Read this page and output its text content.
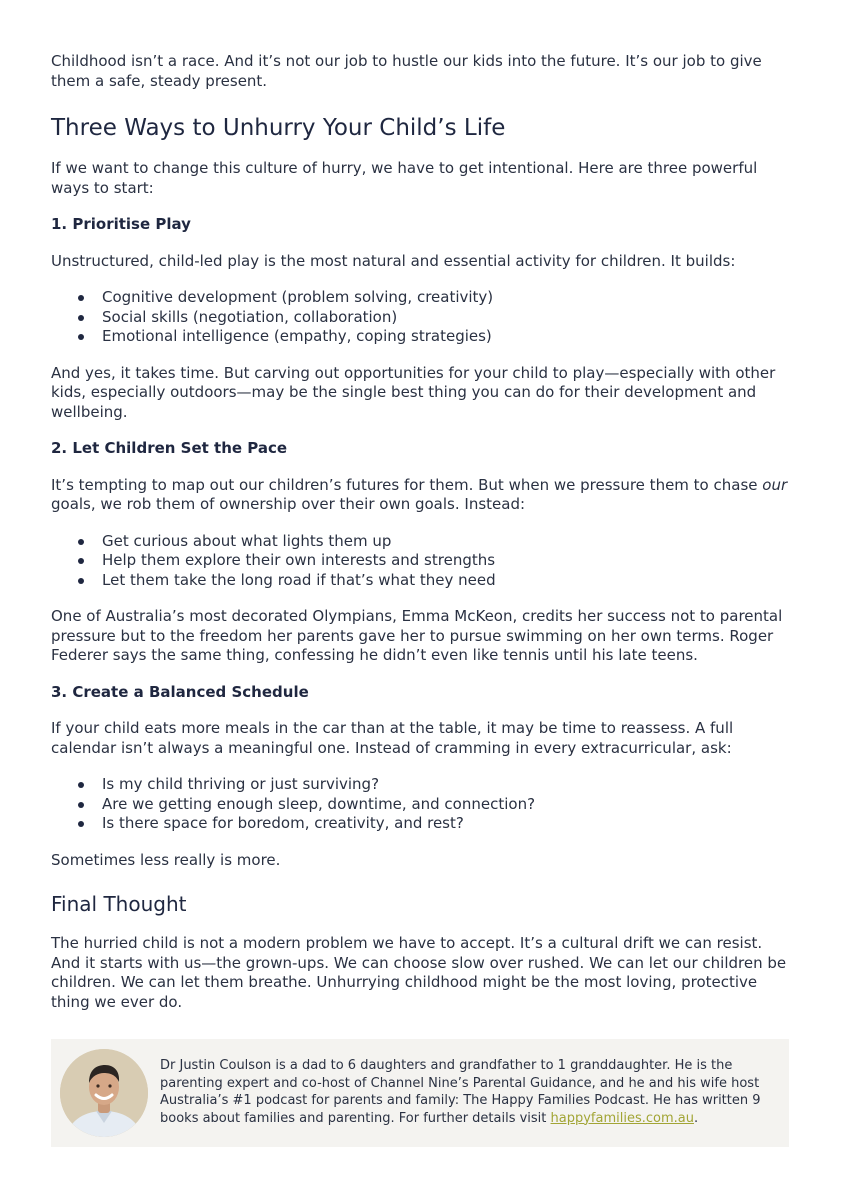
Childhood isn’t a race. And it’s not our job to hustle our kids into the future. It’s our job to give them a safe, steady present.

Three Ways to Unhurry Your Child’s Life

If we want to change this culture of hurry, we have to get intentional. Here are three powerful ways to start:

1. Prioritise Play

Unstructured, child-led play is the most natural and essential activity for children. It builds:

Cognitive development (problem solving, creativity)
Social skills (negotiation, collaboration)
Emotional intelligence (empathy, coping strategies)

And yes, it takes time. But carving out opportunities for your child to play—especially with other kids, especially outdoors—may be the single best thing you can do for their development and wellbeing.

2. Let Children Set the Pace

It’s tempting to map out our children’s futures for them. But when we pressure them to chase our goals, we rob them of ownership over their own goals. Instead:

Get curious about what lights them up
Help them explore their own interests and strengths
Let them take the long road if that’s what they need

One of Australia’s most decorated Olympians, Emma McKeon, credits her success not to parental pressure but to the freedom her parents gave her to pursue swimming on her own terms. Roger Federer says the same thing, confessing he didn’t even like tennis until his late teens.

3. Create a Balanced Schedule

If your child eats more meals in the car than at the table, it may be time to reassess. A full calendar isn’t always a meaningful one. Instead of cramming in every extracurricular, ask:

Is my child thriving or just surviving?
Are we getting enough sleep, downtime, and connection?
Is there space for boredom, creativity, and rest?

Sometimes less really is more.

Final Thought

The hurried child is not a modern problem we have to accept. It’s a cultural drift we can resist. And it starts with us—the grown-ups. We can choose slow over rushed. We can let our children be children. We can let them breathe. Unhurrying childhood might be the most loving, protective thing we ever do.

Dr Justin Coulson is a dad to 6 daughters and grandfather to 1 granddaughter. He is the parenting expert and co-host of Channel Nine’s Parental Guidance, and he and his wife host Australia’s #1 podcast for parents and family: The Happy Families Podcast. He has written 9 books about families and parenting. For further details visit happyfamilies.com.au.
